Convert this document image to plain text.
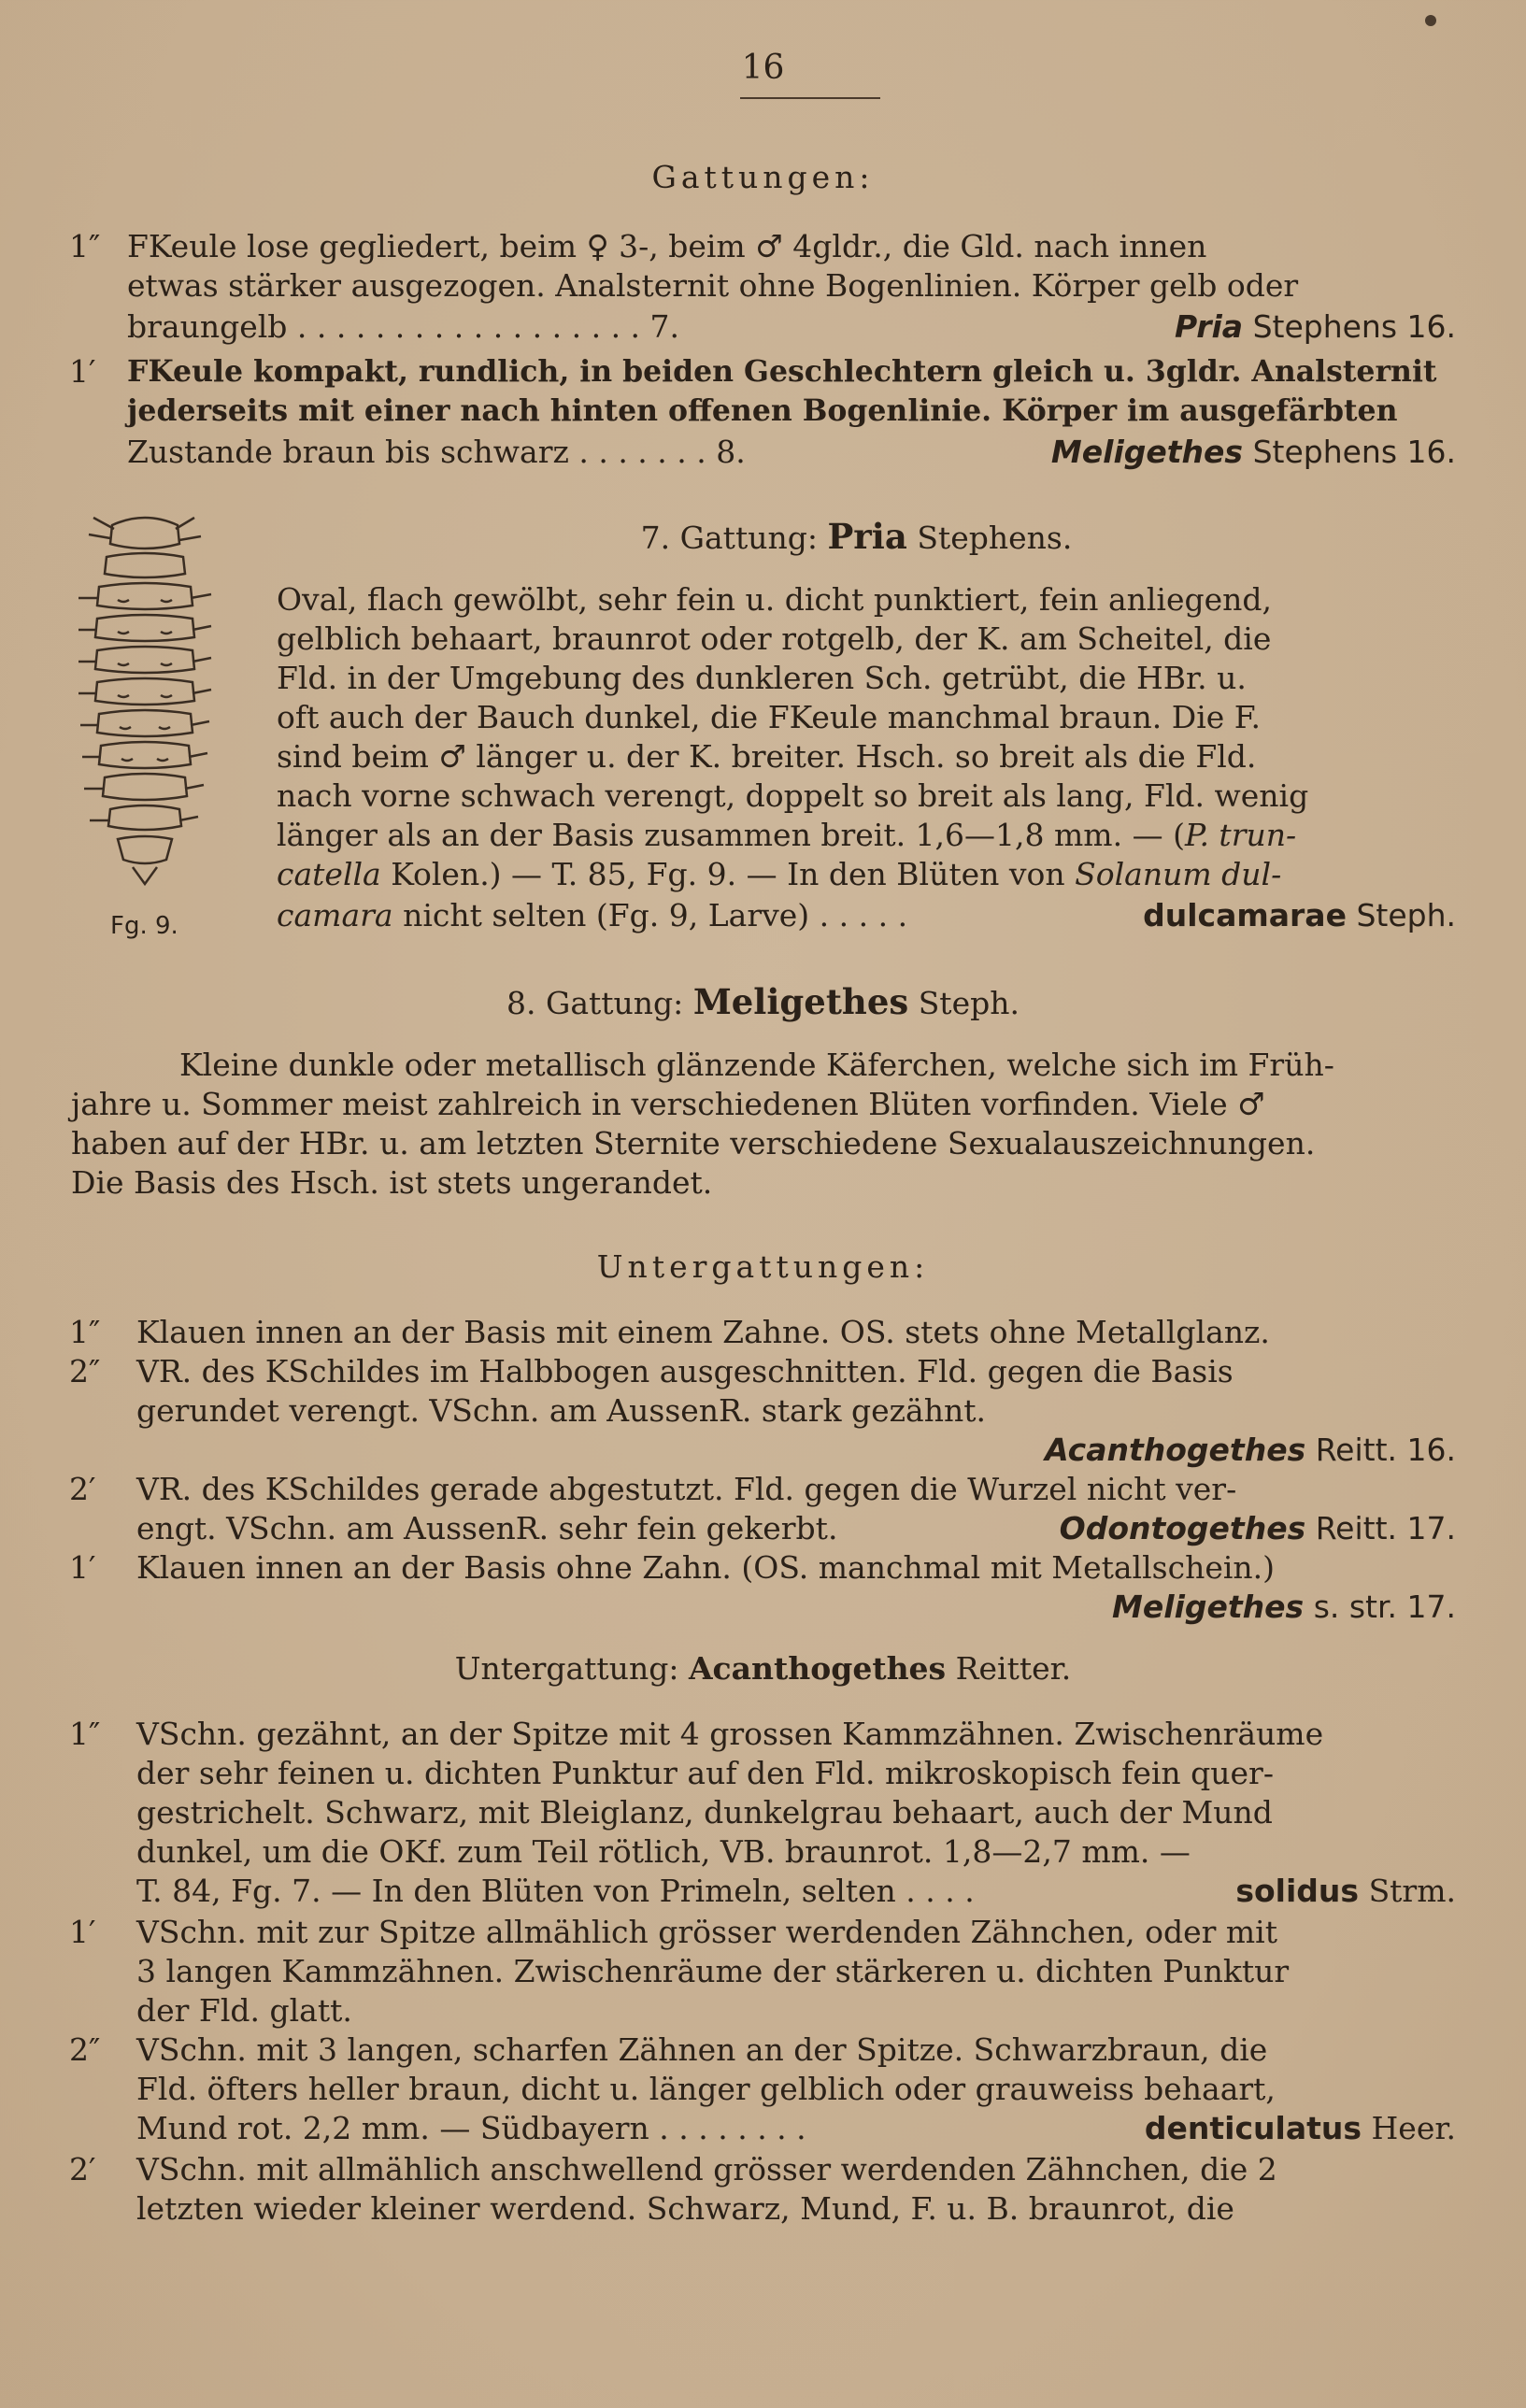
16
Gattungen:
1″ FKeule lose gegliedert, beim ♀ 3-, beim ♂ 4gldr., die Gld. nach innen
etwas stärker ausgezogen. Analsternit ohne Bogenlinien. Körper gelb oder
braungelb . . . . . . . . . . . . . . . . . . 7.	Pria Stephens 16.
1′ FKeule kompakt, rundlich, in beiden Geschlechtern gleich u. 3gldr. Analsternit
jederseits mit einer nach hinten offenen Bogenlinie. Körper im ausgefärbten
Zustande braun bis schwarz . . . . . . . 8.	Meligethes Stephens 16.
Fg. 9.
7. Gattung: Pria Stephens.
Oval, flach gewölbt, sehr fein u. dicht punktiert, fein anliegend,
gelblich behaart, braunrot oder rotgelb, der K. am Scheitel, die
Fld. in der Umgebung des dunkleren Sch. getrübt, die HBr. u.
oft auch der Bauch dunkel, die FKeule manchmal braun. Die F.
sind beim ♂ länger u. der K. breiter. Hsch. so breit als die Fld.
nach vorne schwach verengt, doppelt so breit als lang, Fld. wenig
länger als an der Basis zusammen breit. 1,6—1,8 mm. — (P. trun-
catella Kolen.) — T. 85, Fg. 9. — In den Blüten von Solanum dul-
camara nicht selten (Fg. 9, Larve) . . . . .	dulcamarae Steph.
8. Gattung: Meligethes Steph.
Kleine dunkle oder metallisch glänzende Käferchen, welche sich im Früh-
jahre u. Sommer meist zahlreich in verschiedenen Blüten vorfinden. Viele ♂
haben auf der HBr. u. am letzten Sternite verschiedene Sexualauszeichnungen.
Die Basis des Hsch. ist stets ungerandet.
Untergattungen:
1″ Klauen innen an der Basis mit einem Zahne. OS. stets ohne Metallglanz.
2″ VR. des KSchildes im Halbbogen ausgeschnitten. Fld. gegen die Basis
gerundet verengt. VSchn. am AussenR. stark gezähnt.
Acanthogethes Reitt. 16.
2′ VR. des KSchildes gerade abgestutzt. Fld. gegen die Wurzel nicht ver-
engt. VSchn. am AussenR. sehr fein gekerbt.	Odontogethes Reitt. 17.
1′ Klauen innen an der Basis ohne Zahn. (OS. manchmal mit Metallschein.)
Meligethes s. str. 17.
Untergattung: Acanthogethes Reitter.
1″ VSchn. gezähnt, an der Spitze mit 4 grossen Kammzähnen. Zwischenräume
der sehr feinen u. dichten Punktur auf den Fld. mikroskopisch fein quer-
gestrichelt. Schwarz, mit Bleiglanz, dunkelgrau behaart, auch der Mund
dunkel, um die OKf. zum Teil rötlich, VB. braunrot. 1,8—2,7 mm. —
T. 84, Fg. 7. — In den Blüten von Primeln, selten . . . .	solidus Strm.
1′ VSchn. mit zur Spitze allmählich grösser werdenden Zähnchen, oder mit
3 langen Kammzähnen. Zwischenräume der stärkeren u. dichten Punktur
der Fld. glatt.
2″ VSchn. mit 3 langen, scharfen Zähnen an der Spitze. Schwarzbraun, die
Fld. öfters heller braun, dicht u. länger gelblich oder grauweiss behaart,
Mund rot. 2,2 mm. — Südbayern . . . . . . . .	denticulatus Heer.
2′ VSchn. mit allmählich anschwellend grösser werdenden Zähnchen, die 2
letzten wieder kleiner werdend. Schwarz, Mund, F. u. B. braunrot, die
